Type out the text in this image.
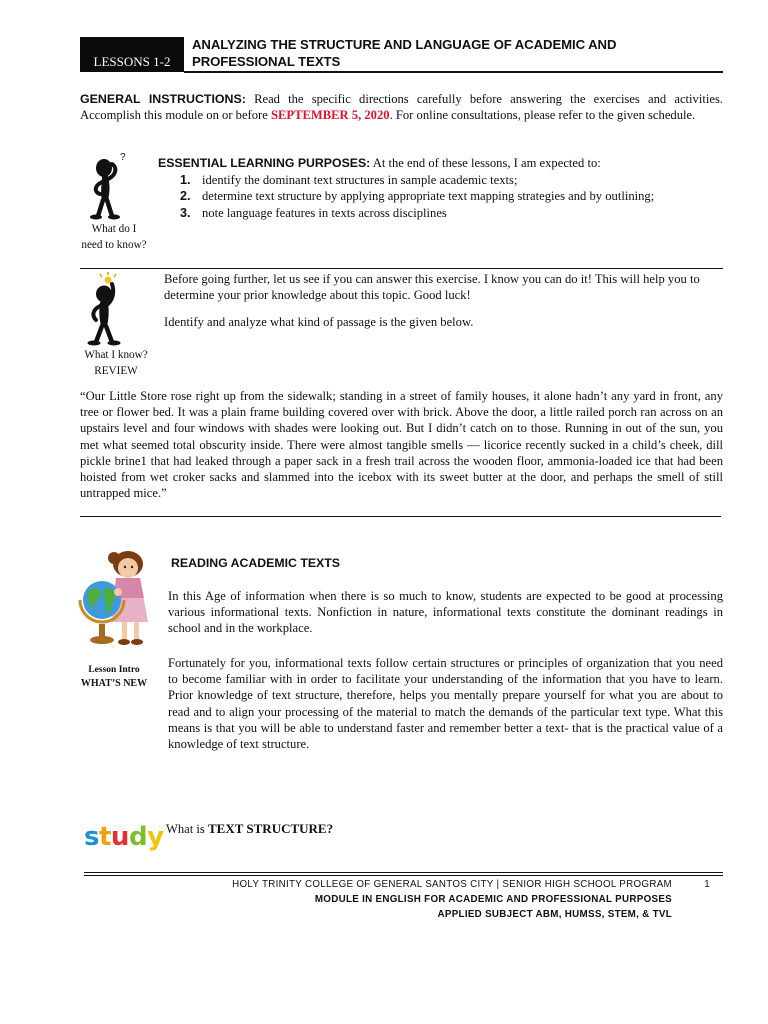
LESSONS 1-2
ANALYZING THE STRUCTURE AND LANGUAGE OF ACADEMIC AND PROFESSIONAL TEXTS
GENERAL INSTRUCTIONS: Read the specific directions carefully before answering the exercises and activities. Accomplish this module on or before SEPTEMBER 5, 2020. For online consultations, please refer to the given schedule.
?
What do I need to know?
ESSENTIAL LEARNING PURPOSES: At the end of these lessons, I am expected to:
1. identify the dominant text structures in sample academic texts;
2. determine text structure by applying appropriate text mapping strategies and by outlining;
3. note language features in texts across disciplines
What I know?
REVIEW
Before going further, let us see if you can answer this exercise. I know you can do it! This will help you to determine your prior knowledge about this topic. Good luck!
Identify and analyze what kind of passage is the given below.
“Our Little Store rose right up from the sidewalk; standing in a street of family houses, it alone hadn’t any yard in front, any tree or flower bed. It was a plain frame building covered over with brick. Above the door, a little railed porch ran across on an upstairs level and four windows with shades were looking out. But I didn’t catch on to those. Running in out of the sun, you met what seemed total obscurity inside. There were almost tangible smells — licorice recently sucked in a child’s cheek, dill pickle brine1 that had leaked through a paper sack in a fresh trail across the wooden floor, ammonia-loaded ice that had been hoisted from wet croker sacks and slammed into the icebox with its sweet butter at the door, and perhaps the smell of still untrapped mice.”
Lesson Intro
WHAT’S NEW
READING ACADEMIC TEXTS
In this Age of information when there is so much to know, students are expected to be good at processing various informational texts. Nonfiction in nature, informational texts constitute the dominant readings in school and in the workplace.
Fortunately for you, informational texts follow certain structures or principles of organization that you need to become familiar with in order to facilitate your understanding of the information that you have to learn. Prior knowledge of text structure, therefore, helps you mentally prepare yourself for what you are about to read and to align your processing of the material to match the demands of the particular text type. What this means is that you will be able to understand faster and remember better a text- that is the practical value of a knowledge of text structure.
study What is TEXT STRUCTURE?
HOLY TRINITY COLLEGE OF GENERAL SANTOS CITY | SENIOR HIGH SCHOOL PROGRAM	1
MODULE IN ENGLISH FOR ACADEMIC AND PROFESSIONAL PURPOSES
APPLIED SUBJECT ABM, HUMSS, STEM, & TVL
